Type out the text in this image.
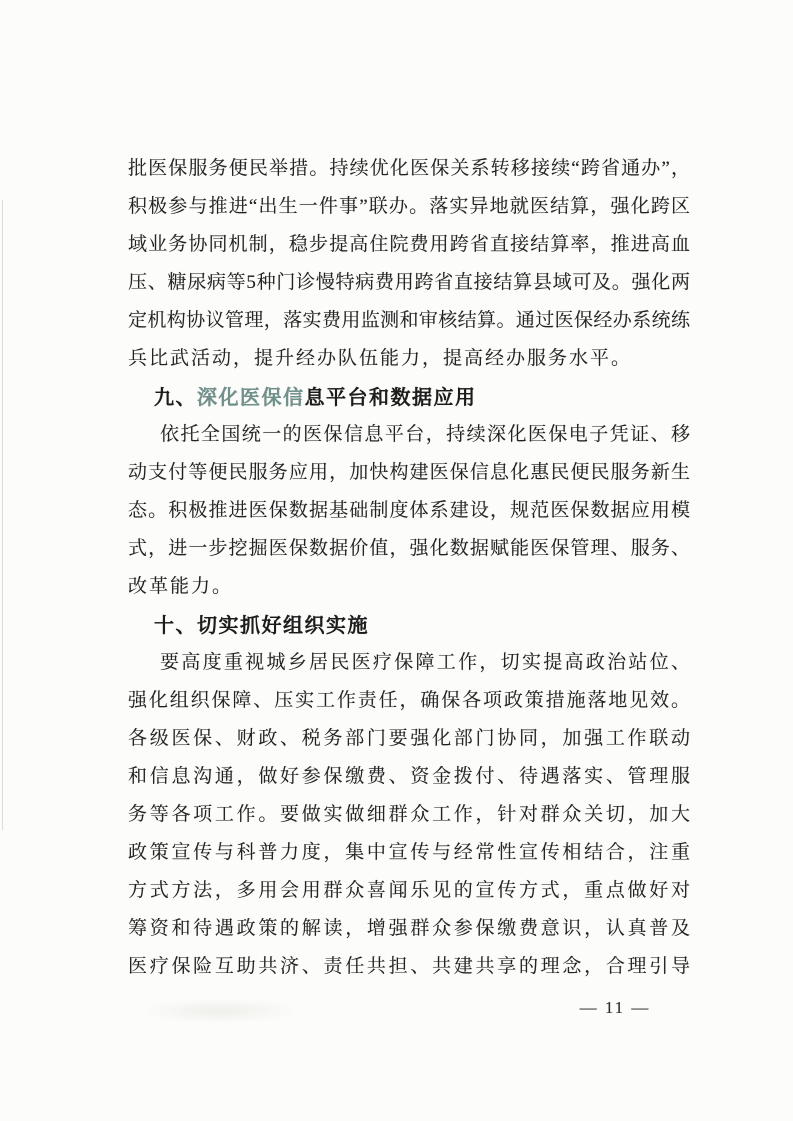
批医保服务便民举措。持续优化医保关系转移接续“跨省通办”，
积极参与推进“出生一件事”联办。落实异地就医结算，强化跨区
域业务协同机制，稳步提高住院费用跨省直接结算率，推进高血
压、糖尿病等5种门诊慢特病费用跨省直接结算县域可及。强化两
定机构协议管理，落实费用监测和审核结算。通过医保经办系统练
兵比武活动，提升经办队伍能力，提高经办服务水平。
九、深化医保信息平台和数据应用
依托全国统一的医保信息平台，持续深化医保电子凭证、移
动支付等便民服务应用，加快构建医保信息化惠民便民服务新生
态。积极推进医保数据基础制度体系建设，规范医保数据应用模
式，进一步挖掘医保数据价值，强化数据赋能医保管理、服务、
改革能力。
十、切实抓好组织实施
要高度重视城乡居民医疗保障工作，切实提高政治站位、
强化组织保障、压实工作责任，确保各项政策措施落地见效。
各级医保、财政、税务部门要强化部门协同，加强工作联动
和信息沟通，做好参保缴费、资金拨付、待遇落实、管理服
务等各项工作。要做实做细群众工作，针对群众关切，加大
政策宣传与科普力度，集中宣传与经常性宣传相结合，注重
方式方法，多用会用群众喜闻乐见的宣传方式，重点做好对
筹资和待遇政策的解读，增强群众参保缴费意识，认真普及
医疗保险互助共济、责任共担、共建共享的理念，合理引导
— 11 —
